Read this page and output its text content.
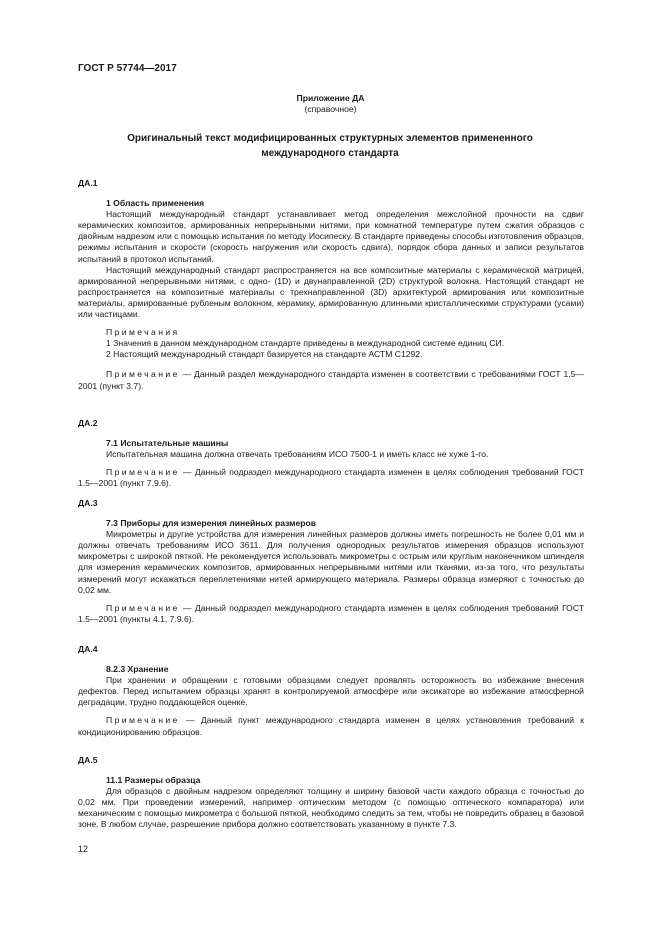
ГОСТ Р 57744—2017
Приложение ДА
(справочное)
Оригинальный текст модифицированных структурных элементов примененного
международного стандарта

ДА.1

1 Область применения

Настоящий международный стандарт устанавливает метод определения межслойной прочности на сдвиг керамических композитов, армированных непрерывными нитями, при комнатной температуре путем сжатия образцов с двойным надрезом или с помощью испытания по методу Иосипеску. В стандарте приведены способы изготовления образцов, режимы испытания и скорости (скорость нагружения или скорость сдвига), порядок сбора данных и записи результатов испытаний в протокол испытаний.

Настоящий международный стандарт распространяется на все композитные материалы с керамической матрицей, армированной непрерывными нитями, с одно- (1D) и двунаправленной (2D) структурой волокна. Настоящий стандарт не распространяется на композитные материалы с трехнаправленной (3D) архитектурой армирования или композитные материалы, армированные рубленым волокном, керамику, армированную длинными кристаллическими структурами (усами) или частицами.

Примечания

1 Значения в данном международном стандарте приведены в международной системе единиц СИ.

2 Настоящий международный стандарт базируется на стандарте АСТМ С1292.

Примечание — Данный раздел международного стандарта изменен в соответствии с требованиями ГОСТ 1.5—2001 (пункт 3.7).

ДА.2

7.1 Испытательные машины

Испытательная машина должна отвечать требованиям ИСО 7500-1 и иметь класс не хуже 1-го.

Примечание — Данный подраздел международного стандарта изменен в целях соблюдения требований ГОСТ 1.5—2001 (пункт 7.9.6).

ДА.3

7.3 Приборы для измерения линейных размеров

Микрометры и другие устройства для измерения линейных размеров должны иметь погрешность не более 0,01 мм и должны отвечать требованиям ИСО 3611. Для получения однородных результатов измерения образцов используют микрометры с широкой пяткой. Не рекомендуется использовать микрометры с острым или круглым наконечником шпинделя для измерения керамических композитов, армированных непрерывными нитями или тканями, из-за того, что результаты измерений могут искажаться переплетениями нитей армирующего материала. Размеры образца измеряют с точностью до 0,02 мм.

Примечание — Данный подраздел международного стандарта изменен в целях соблюдения требований ГОСТ 1.5—2001 (пункты 4.1, 7.9.6).

ДА.4

8.2.3 Хранение

При хранении и обращении с готовыми образцами следует проявлять осторожность во избежание внесения дефектов. Перед испытанием образцы хранят в контролируемой атмосфере или эксикаторе во избежание атмосферной деградации, трудно поддающейся оценке.

Примечание — Данный пункт международного стандарта изменен в целях установления требований к кондиционированию образцов.

ДА.5

11.1 Размеры образца

Для образцов с двойным надрезом определяют толщину и ширину базовой части каждого образца с точностью до 0,02 мм. При проведении измерений, например оптическим методом (с помощью оптического компаратора) или механическим с помощью микрометра с большой пяткой, необходимо следить за тем, чтобы не повредить образец в базовой зоне. В любом случае, разрешение прибора должно соответствовать указанному в пункте 7.3.

12
